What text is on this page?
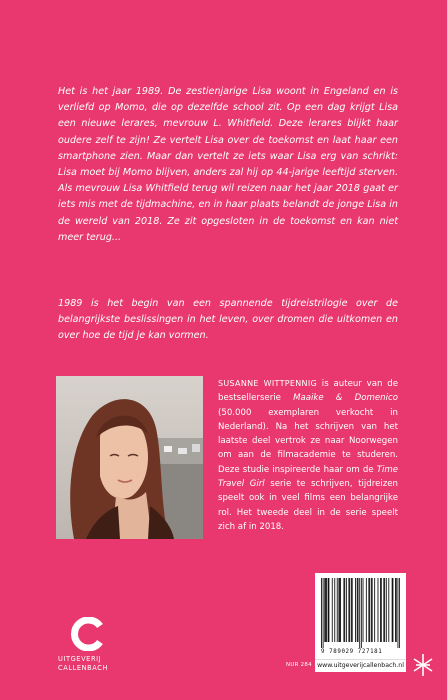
Het is het jaar 1989. De zestienjarige Lisa woont in Engeland en is verliefd op Momo, die op dezelfde school zit. Op een dag krijgt Lisa een nieuwe lerares, mevrouw L. Whitfield. Deze lerares blijkt haar oudere zelf te zijn! Ze vertelt Lisa over de toekomst en laat haar een smartphone zien. Maar dan vertelt ze iets waar Lisa erg van schrikt: Lisa moet bij Momo blijven, anders zal hij op 44-jarige leeftijd sterven. Als mevrouw Lisa Whitfield terug wil reizen naar het jaar 2018 gaat er iets mis met de tijdmachine, en in haar plaats belandt de jonge Lisa in de wereld van 2018. Ze zit opgesloten in de toekomst en kan niet meer terug...

1989 is het begin van een spannende tijdreistrilogie over de belangrijkste beslissingen in het leven, over dromen die uitkomen en over hoe de tijd je kan vormen.

SUSANNE WITTPENNIG is auteur van de bestsellerserie Maaike & Domenico (50.000 exemplaren verkocht in Nederland). Na het schrijven van het laatste deel vertrok ze naar Noorwegen om aan de filmacademie te studeren. Deze studie inspireerde haar om de Time Travel Girl serie te schrijven, tijdreizen speelt ook in veel films een belangrijke rol. Het tweede deel in de serie speelt zich af in 2018.

UITGEVERIJ
CALLENBACH	NUR 284
9 789029 727181
www.uitgeverijcallenbach.nl
